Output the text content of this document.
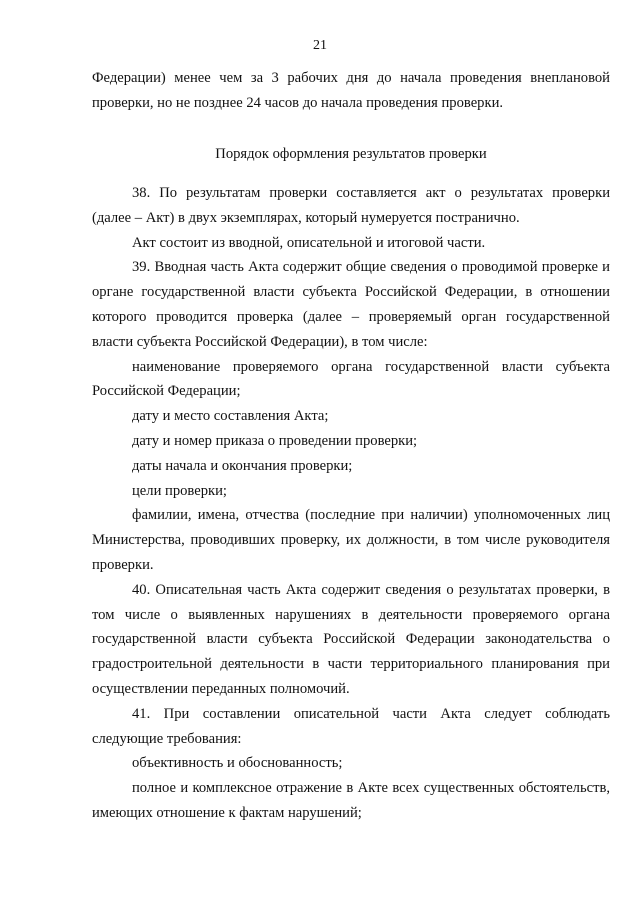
21

Федерации) менее чем за 3 рабочих дня до начала проведения внеплановой проверки, но не позднее 24 часов до начала проведения проверки.

Порядок оформления результатов проверки

38. По результатам проверки составляется акт о результатах проверки (далее – Акт) в двух экземплярах, который нумеруется постранично.

Акт состоит из вводной, описательной и итоговой части.

39. Вводная часть Акта содержит общие сведения о проводимой проверке и органе государственной власти субъекта Российской Федерации, в отношении которого проводится проверка (далее – проверяемый орган государственной власти субъекта Российской Федерации), в том числе:

наименование проверяемого органа государственной власти субъекта Российской Федерации;

дату и место составления Акта;

дату и номер приказа о проведении проверки;

даты начала и окончания проверки;

цели проверки;

фамилии, имена, отчества (последние при наличии) уполномоченных лиц Министерства, проводивших проверку, их должности, в том числе руководителя проверки.

40. Описательная часть Акта содержит сведения о результатах проверки, в том числе о выявленных нарушениях в деятельности проверяемого органа государственной власти субъекта Российской Федерации законодательства о градостроительной деятельности в части территориального планирования при осуществлении переданных полномочий.

41. При составлении описательной части Акта следует соблюдать следующие требования:

объективность и обоснованность;

полное и комплексное отражение в Акте всех существенных обстоятельств, имеющих отношение к фактам нарушений;
